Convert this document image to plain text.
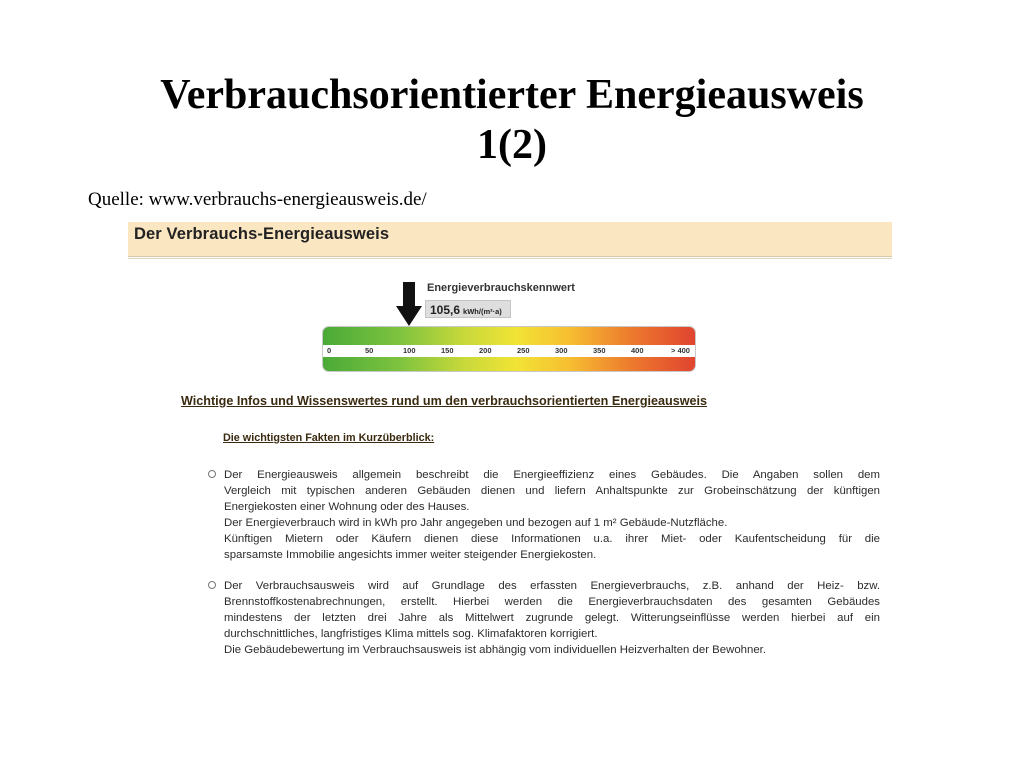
Verbrauchsorientierter Energieausweis
1(2)
Quelle: www.verbrauchs-energieausweis.de/
Der Verbrauchs-Energieausweis
Energieverbrauchskennwert
105,6 kWh/(m²·a)
0	50	100	150	200	250	300	350	400	> 400
Wichtige Infos und Wissenswertes rund um den verbrauchsorientierten Energieausweis
Die wichtigsten Fakten im Kurzüberblick:
Der Energieausweis allgemein beschreibt die Energieeffizienz eines Gebäudes. Die Angaben sollen dem
Vergleich mit typischen anderen Gebäuden dienen und liefern Anhaltspunkte zur Grobeinschätzung der künftigen
Energiekosten einer Wohnung oder des Hauses.
Der Energieverbrauch wird in kWh pro Jahr angegeben und bezogen auf 1 m² Gebäude-Nutzfläche.
Künftigen Mietern oder Käufern dienen diese Informationen u.a. ihrer Miet- oder Kaufentscheidung für die
sparsamste Immobilie angesichts immer weiter steigender Energiekosten.
Der Verbrauchsausweis wird auf Grundlage des erfassten Energieverbrauchs, z.B. anhand der Heiz- bzw.
Brennstoffkostenabrechnungen, erstellt. Hierbei werden die Energieverbrauchsdaten des gesamten Gebäudes
mindestens der letzten drei Jahre als Mittelwert zugrunde gelegt. Witterungseinflüsse werden hierbei auf ein
durchschnittliches, langfristiges Klima mittels sog. Klimafaktoren korrigiert.
Die Gebäudebewertung im Verbrauchsausweis ist abhängig vom individuellen Heizverhalten der Bewohner.
